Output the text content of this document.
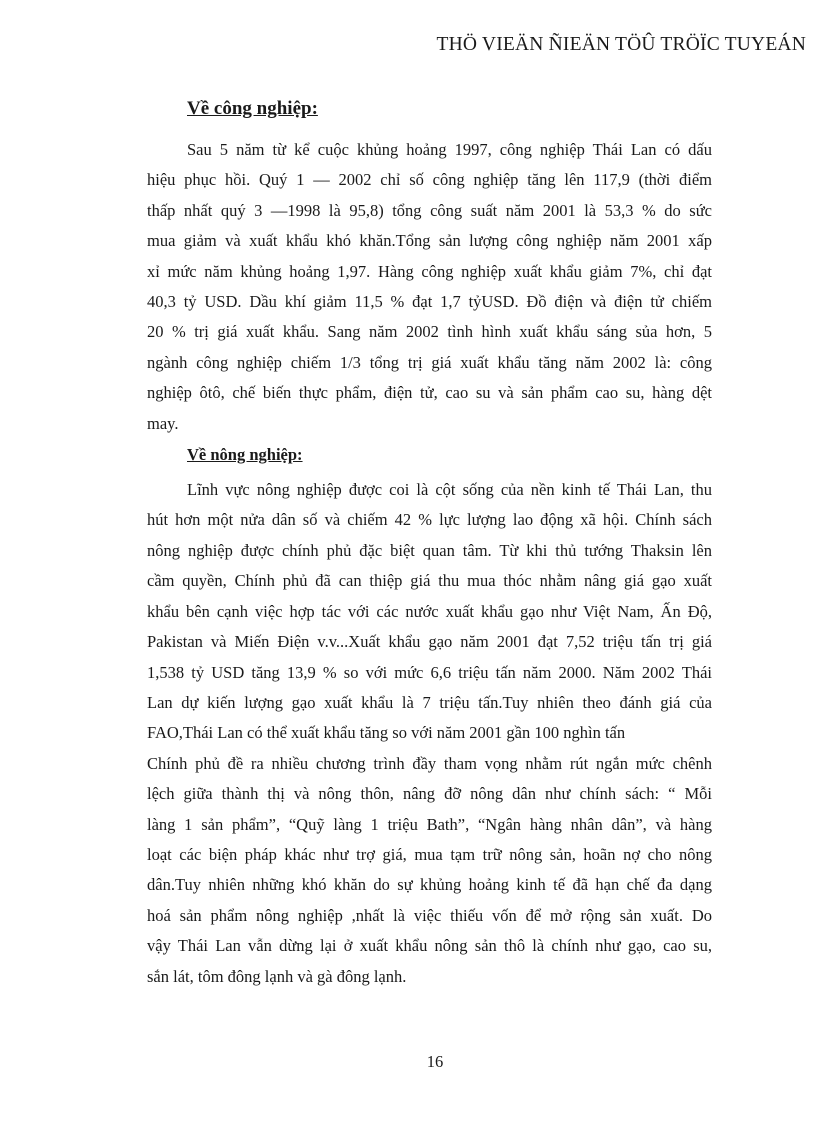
THÖ VIEÄN ÑIEÄN TÖÛ TRÖÏC TUYEÁN
Về công nghiệp:
Sau 5 năm từ kể cuộc khủng hoảng 1997, công nghiệp Thái Lan có dấu
hiệu phục hồi. Quý 1 — 2002 chỉ số công nghiệp tăng lên 117,9 (thời điểm
thấp nhất quý 3 —1998 là 95,8) tổng công suất năm 2001 là 53,3 % do sức
mua giảm và xuất khẩu khó khăn.Tổng sản lượng công nghiệp năm 2001 xấp
xỉ mức năm khủng hoảng 1,97. Hàng công nghiệp xuất khẩu giảm 7%, chỉ đạt
40,3 tỷ USD. Dầu khí giảm 11,5 % đạt 1,7 tỷUSD. Đồ điện và điện tử chiếm
20 % trị giá xuất khẩu. Sang năm 2002 tình hình xuất khẩu sáng sủa hơn, 5
ngành công nghiệp chiếm 1/3 tổng trị giá xuất khẩu tăng năm 2002 là: công
nghiệp ôtô, chế biến thực phẩm, điện tử, cao su và sản phẩm cao su, hàng dệt
may.
Về nông nghiệp:
Lĩnh vực nông nghiệp được coi là cột sống của nền kinh tế Thái Lan, thu
hút hơn một nửa dân số và chiếm 42 % lực lượng lao động xã hội. Chính sách
nông nghiệp được chính phủ đặc biệt quan tâm. Từ khi thủ tướng Thaksin lên
cầm quyền, Chính phủ đã can thiệp giá thu mua thóc nhằm nâng giá gạo xuất
khẩu bên cạnh việc hợp tác với các nước xuất khẩu gạo như Việt Nam, Ấn Độ,
Pakistan và Miến Điện v.v...Xuất khẩu gạo năm 2001 đạt 7,52 triệu tấn trị giá
1,538 tỷ USD tăng 13,9 % so với mức 6,6 triệu tấn năm 2000. Năm 2002 Thái
Lan dự kiến lượng gạo xuất khẩu là 7 triệu tấn.Tuy nhiên theo đánh giá của
FAO,Thái Lan có thể xuất khẩu tăng so với năm 2001 gần 100 nghìn tấn
Chính phủ đề ra nhiều chương trình đầy tham vọng nhằm rút ngắn mức chênh
lệch giữa thành thị và nông thôn, nâng đỡ nông dân như chính sách: “ Mỗi
làng 1 sản phẩm”, “Quỹ làng 1 triệu Bath”, “Ngân hàng nhân dân”, và hàng
loạt các biện pháp khác như trợ giá, mua tạm trữ nông sản, hoãn nợ cho nông
dân.Tuy nhiên những khó khăn do sự khủng hoảng kinh tế đã hạn chế đa dạng
hoá sản phẩm nông nghiệp ,nhất là việc thiếu vốn để mở rộng sản xuất. Do
vậy Thái Lan vẫn dừng lại ở xuất khẩu nông sản thô là chính như gạo, cao su,
sắn lát, tôm đông lạnh và gà đông lạnh.
16
